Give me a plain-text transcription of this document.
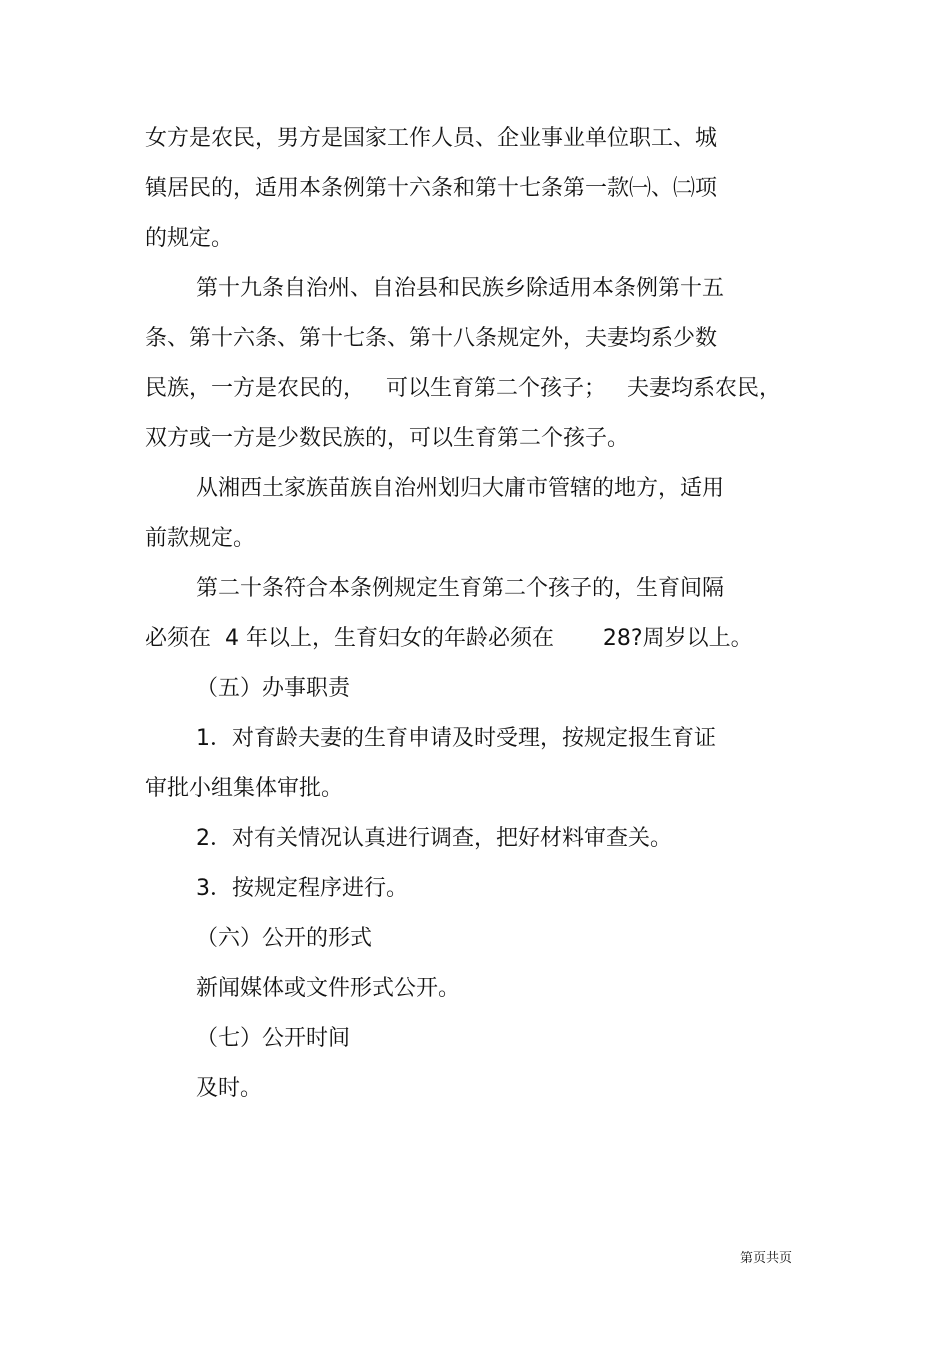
女方是农民，男方是国家工作人员、企业事业单位职工、城
镇居民的，适用本条例第十六条和第十七条第一款㈠、㈡项
的规定。
第十九条自治州、自治县和民族乡除适用本条例第十五
条、第十六条、第十七条、第十八条规定外，夫妻均系少数
民族，一方是农民的，   可以生育第二个孩子；   夫妻均系农民，
双方或一方是少数民族的，可以生育第二个孩子。
从湘西土家族苗族自治州划归大庸市管辖的地方，适用
前款规定。
第二十条符合本条例规定生育第二个孩子的，生育间隔
必须在  4 年以上，生育妇女的年龄必须在       28?周岁以上。
（五）办事职责
1．对育龄夫妻的生育申请及时受理，按规定报生育证
审批小组集体审批。
2．对有关情况认真进行调查，把好材料审查关。
3．按规定程序进行。
（六）公开的形式
新闻媒体或文件形式公开。
（七）公开时间
及时。
第页共页
